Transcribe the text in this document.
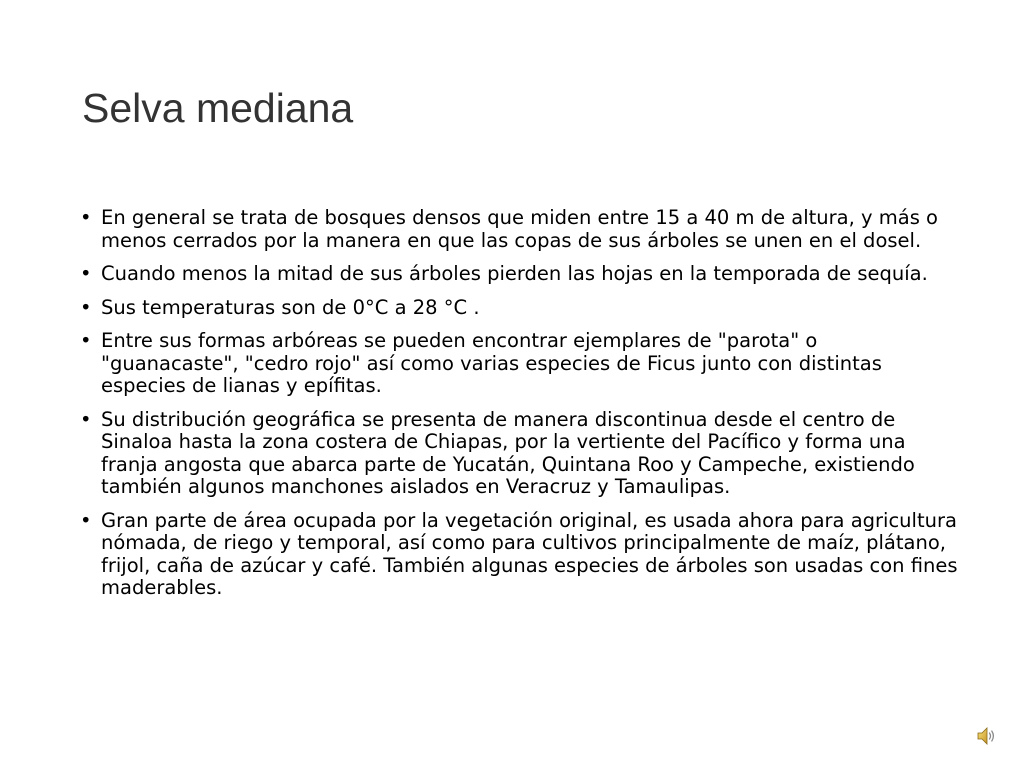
Selva mediana
• En general se trata de bosques densos que miden entre 15 a 40 m de altura, y más o menos cerrados por la manera en que las copas de sus árboles se unen en el dosel.
• Cuando menos la mitad de sus árboles pierden las hojas en la temporada de sequía.
• Sus temperaturas son de 0°C a 28 °C .
• Entre sus formas arbóreas se pueden encontrar ejemplares de "parota" o "guanacaste", "cedro rojo" así como varias especies de Ficus junto con distintas especies de lianas y epífitas.
• Su distribución geográfica se presenta de manera discontinua desde el centro de Sinaloa hasta la zona costera de Chiapas, por la vertiente del Pacífico y forma una franja angosta que abarca parte de Yucatán, Quintana Roo y Campeche, existiendo también algunos manchones aislados en Veracruz y Tamaulipas.
• Gran parte de área ocupada por la vegetación original, es usada ahora para agricultura nómada, de riego y temporal, así como para cultivos principalmente de maíz, plátano, frijol, caña de azúcar y café. También algunas especies de árboles son usadas con fines maderables.
